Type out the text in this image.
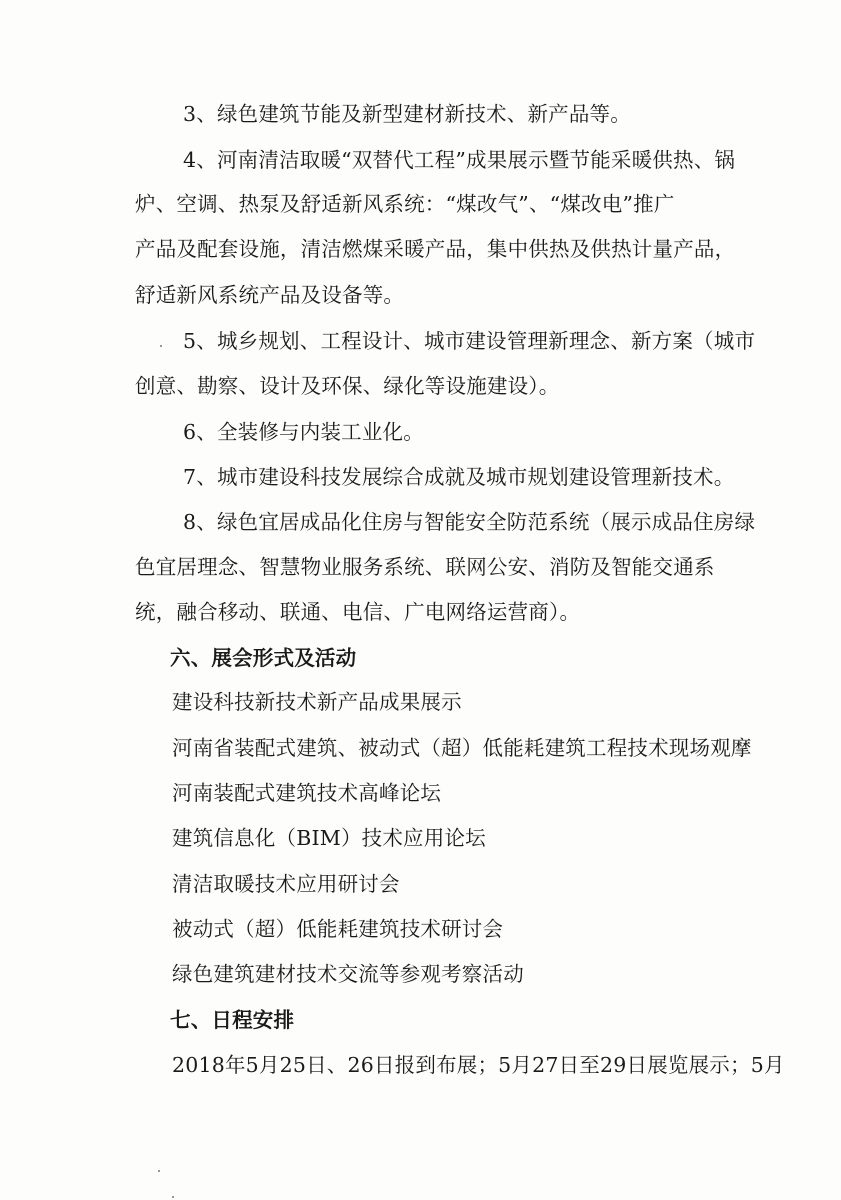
3、绿色建筑节能及新型建材新技术、新产品等。
4、河南清洁取暖“双替代工程”成果展示暨节能采暖供热、锅
炉、空调、热泵及舒适新风系统：“煤改气”、“煤改电”推广
产品及配套设施，清洁燃煤采暖产品，集中供热及供热计量产品，
舒适新风系统产品及设备等。
5、城乡规划、工程设计、城市建设管理新理念、新方案（城市
创意、勘察、设计及环保、绿化等设施建设）。
6、全装修与内装工业化。
7、城市建设科技发展综合成就及城市规划建设管理新技术。
8、绿色宜居成品化住房与智能安全防范系统（展示成品住房绿
色宜居理念、智慧物业服务系统、联网公安、消防及智能交通系
统，融合移动、联通、电信、广电网络运营商）。
六、展会形式及活动
建设科技新技术新产品成果展示
河南省装配式建筑、被动式（超）低能耗建筑工程技术现场观摩
河南装配式建筑技术高峰论坛
建筑信息化（BIM）技术应用论坛
清洁取暖技术应用研讨会
被动式（超）低能耗建筑技术研讨会
绿色建筑建材技术交流等参观考察活动
七、日程安排
2018年5月25日、26日报到布展；5月27日至29日展览展示；5月
